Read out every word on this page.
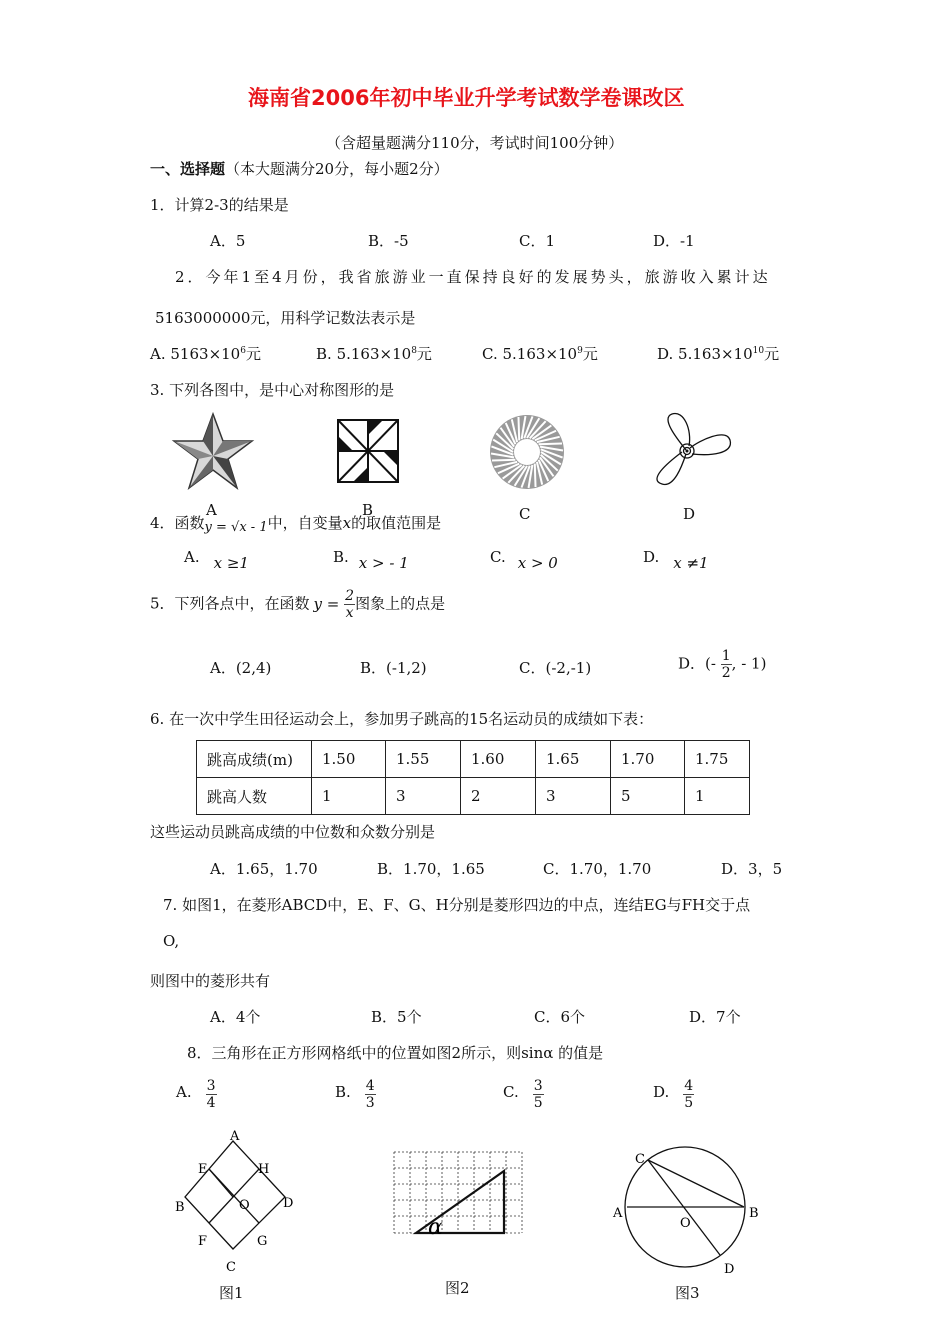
海南省2006年初中毕业升学考试数学卷课改区
（含超量题满分110分，考试时间100分钟）
一、选择题（本大题满分20分，每小题2分）
1．计算2-3的结果是
A．5	B．-5	C．1	D．-1
2．今年1至4月份，我省旅游业一直保持良好的发展势头，旅游收入累计达
5163000000元，用科学记数法表示是
A. $5163\times 10^6$元	B. $5.163\times 10^8$元	C. $5.163\times 10^9$元	D. $5.163\times 10^{10}$元
3. 下列各图中，是中心对称图形的是
A	B	C	D
4．函数y = √x - 1中，自变量x的取值范围是
A. x ≥1	B. x > - 1	C. x > 0	D. x ≠1
5．下列各点中，在函数 $y = \frac{2}{x}$ 图象上的点是
A．(2,4)	B．(-1,2)	C．(-2,-1)	D．(- $\frac{1}{2}$ , - 1)
6. 在一次中学生田径运动会上，参加男子跳高的15名运动员的成绩如下表：
跳高成绩(m)	1.50	1.55	1.60	1.65	1.70	1.75
跳高人数	1	3	2	3	5	1
这些运动员跳高成绩的中位数和众数分别是
A．1.65，1.70	B．1.70，1.65	C．1.70，1.70	D．3，5
7. 如图1，在菱形ABCD中，E、F、G、H分别是菱形四边的中点，连结EG与FH交于点
O,
则图中的菱形共有
A．4个	B．5个	C．6个	D．7个
8．三角形在正方形网格纸中的位置如图2所示，则sinα 的值是
A. $\frac{3}{4}$	B. $\frac{4}{3}$	C. $\frac{3}{5}$	D. $\frac{4}{5}$
A
E	H
B	D
O
F	G
C
图1
α
图2
C
A	B
O
D
图3
